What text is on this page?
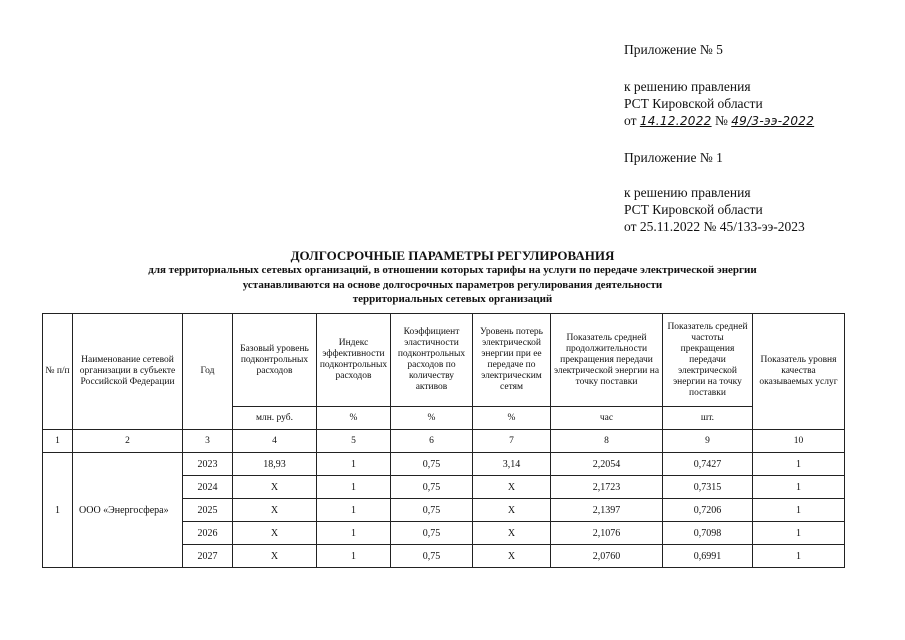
Приложение № 5
к решению правления
РСТ Кировской области
от 14.12.2022 № 49/3-ээ-2022
Приложение № 1
к решению правления
РСТ Кировской области
от 25.11.2022 № 45/133-ээ-2023
ДОЛГОСРОЧНЫЕ ПАРАМЕТРЫ РЕГУЛИРОВАНИЯ
для территориальных сетевых организаций, в отношении которых тарифы на услуги по передаче электрической энергии
устанавливаются на основе долгосрочных параметров регулирования деятельности
территориальных сетевых организаций
№ п/п	Наименование сетевой организации в субъекте Российской Федерации	Год	Базовый уровень подконтрольных расходов	Индекс эффективности подконтрольных расходов	Коэффициент эластичности подконтрольных расходов по количеству активов	Уровень потерь электрической энергии при ее передаче по электрическим сетям	Показатель средней продолжительности прекращения передачи электрической энергии на точку поставки	Показатель средней частоты прекращения передачи электрической энергии на точку поставки	Показатель уровня качества оказываемых услуг
			млн. руб.	%	%	%	час	шт.	
1	2	3	4	5	6	7	8	9	10
1	ООО «Энергосфера»	2023	18,93	1	0,75	3,14	2,2054	0,7427	1
		2024	X	1	0,75	X	2,1723	0,7315	1
		2025	X	1	0,75	X	2,1397	0,7206	1
		2026	X	1	0,75	X	2,1076	0,7098	1
		2027	X	1	0,75	X	2,0760	0,6991	1
